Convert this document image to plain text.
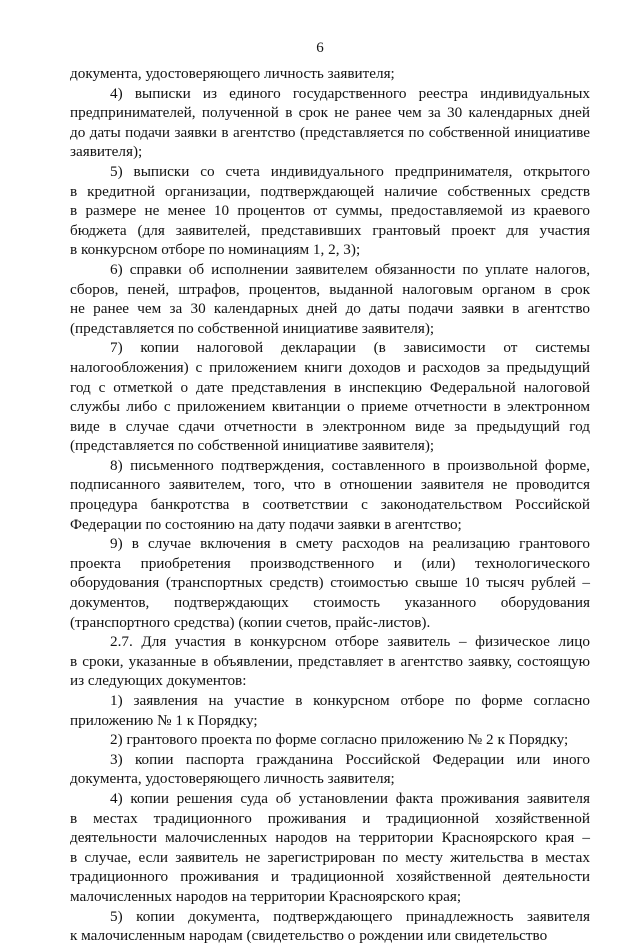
6
документа, удостоверяющего личность заявителя;
4) выписки из единого государственного реестра индивидуальных
предпринимателей, полученной в срок не ранее чем за 30 календарных дней
до даты подачи заявки в агентство (представляется по собственной инициативе
заявителя);
5) выписки со счета индивидуального предпринимателя, открытого
в кредитной организации, подтверждающей наличие собственных средств
в размере не менее 10 процентов от суммы, предоставляемой из краевого
бюджета (для заявителей, представивших грантовый проект для участия
в конкурсном отборе по номинациям 1, 2, 3);
6) справки об исполнении заявителем обязанности по уплате налогов,
сборов, пеней, штрафов, процентов, выданной налоговым органом в срок
не ранее чем за 30 календарных дней до даты подачи заявки в агентство
(представляется по собственной инициативе заявителя);
7) копии налоговой декларации (в зависимости от системы
налогообложения) с приложением книги доходов и расходов за предыдущий
год с отметкой о дате представления в инспекцию Федеральной налоговой
службы либо с приложением квитанции о приеме отчетности в электронном
виде в случае сдачи отчетности в электронном виде за предыдущий год
(представляется по собственной инициативе заявителя);
8) письменного подтверждения, составленного в произвольной форме,
подписанного заявителем, того, что в отношении заявителя не проводится
процедура банкротства в соответствии с законодательством Российской
Федерации по состоянию на дату подачи заявки в агентство;
9) в случае включения в смету расходов на реализацию грантового
проекта приобретения производственного и (или) технологического
оборудования (транспортных средств) стоимостью свыше 10 тысяч рублей –
документов, подтверждающих стоимость указанного оборудования
(транспортного средства) (копии счетов, прайс-листов).
2.7. Для участия в конкурсном отборе заявитель – физическое лицо
в сроки, указанные в объявлении, представляет в агентство заявку, состоящую
из следующих документов:
1) заявления на участие в конкурсном отборе по форме согласно
приложению № 1 к Порядку;
2) грантового проекта по форме согласно приложению № 2 к Порядку;
3) копии паспорта гражданина Российской Федерации или иного
документа, удостоверяющего личность заявителя;
4) копии решения суда об установлении факта проживания заявителя
в местах традиционного проживания и традиционной хозяйственной
деятельности малочисленных народов на территории Красноярского края –
в случае, если заявитель не зарегистрирован по месту жительства в местах
традиционного проживания и традиционной хозяйственной деятельности
малочисленных народов на территории Красноярского края;
5) копии документа, подтверждающего принадлежность заявителя
к малочисленным народам (свидетельство о рождении или свидетельство
